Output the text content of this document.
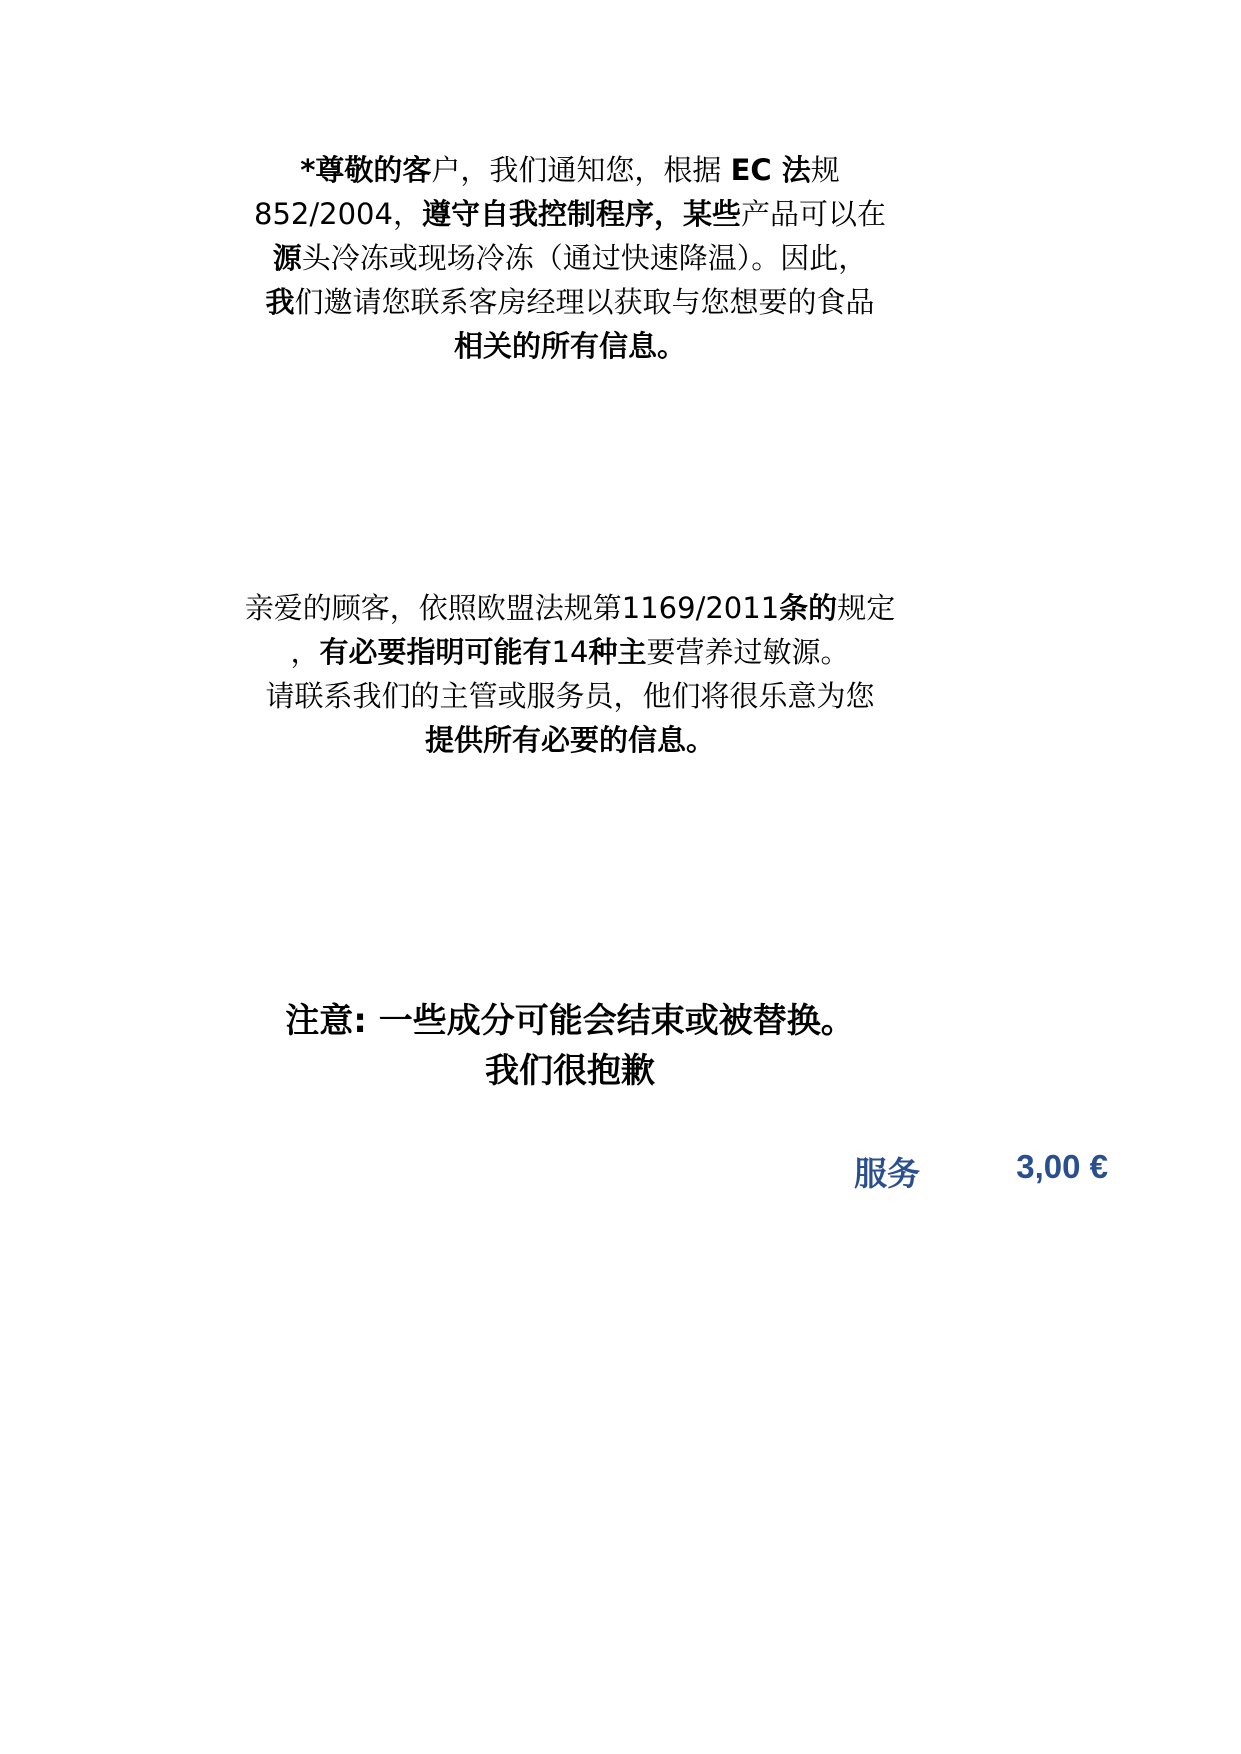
*尊敬的客户，我们通知您，根据 EC 法规
852/2004，遵守自我控制程序，某些产品可以在
源头冷冻或现场冷冻（通过快速降温）。因此，
我们邀请您联系客房经理以获取与您想要的食品
相关的所有信息。
亲爱的顾客，依照欧盟法规第1169/2011条的规定
，有必要指明可能有14种主要营养过敏源。
请联系我们的主管或服务员，他们将很乐意为您
提供所有必要的信息。
注意: 一些成分可能会结束或被替换。
我们很抱歉
服务	3,00 €
